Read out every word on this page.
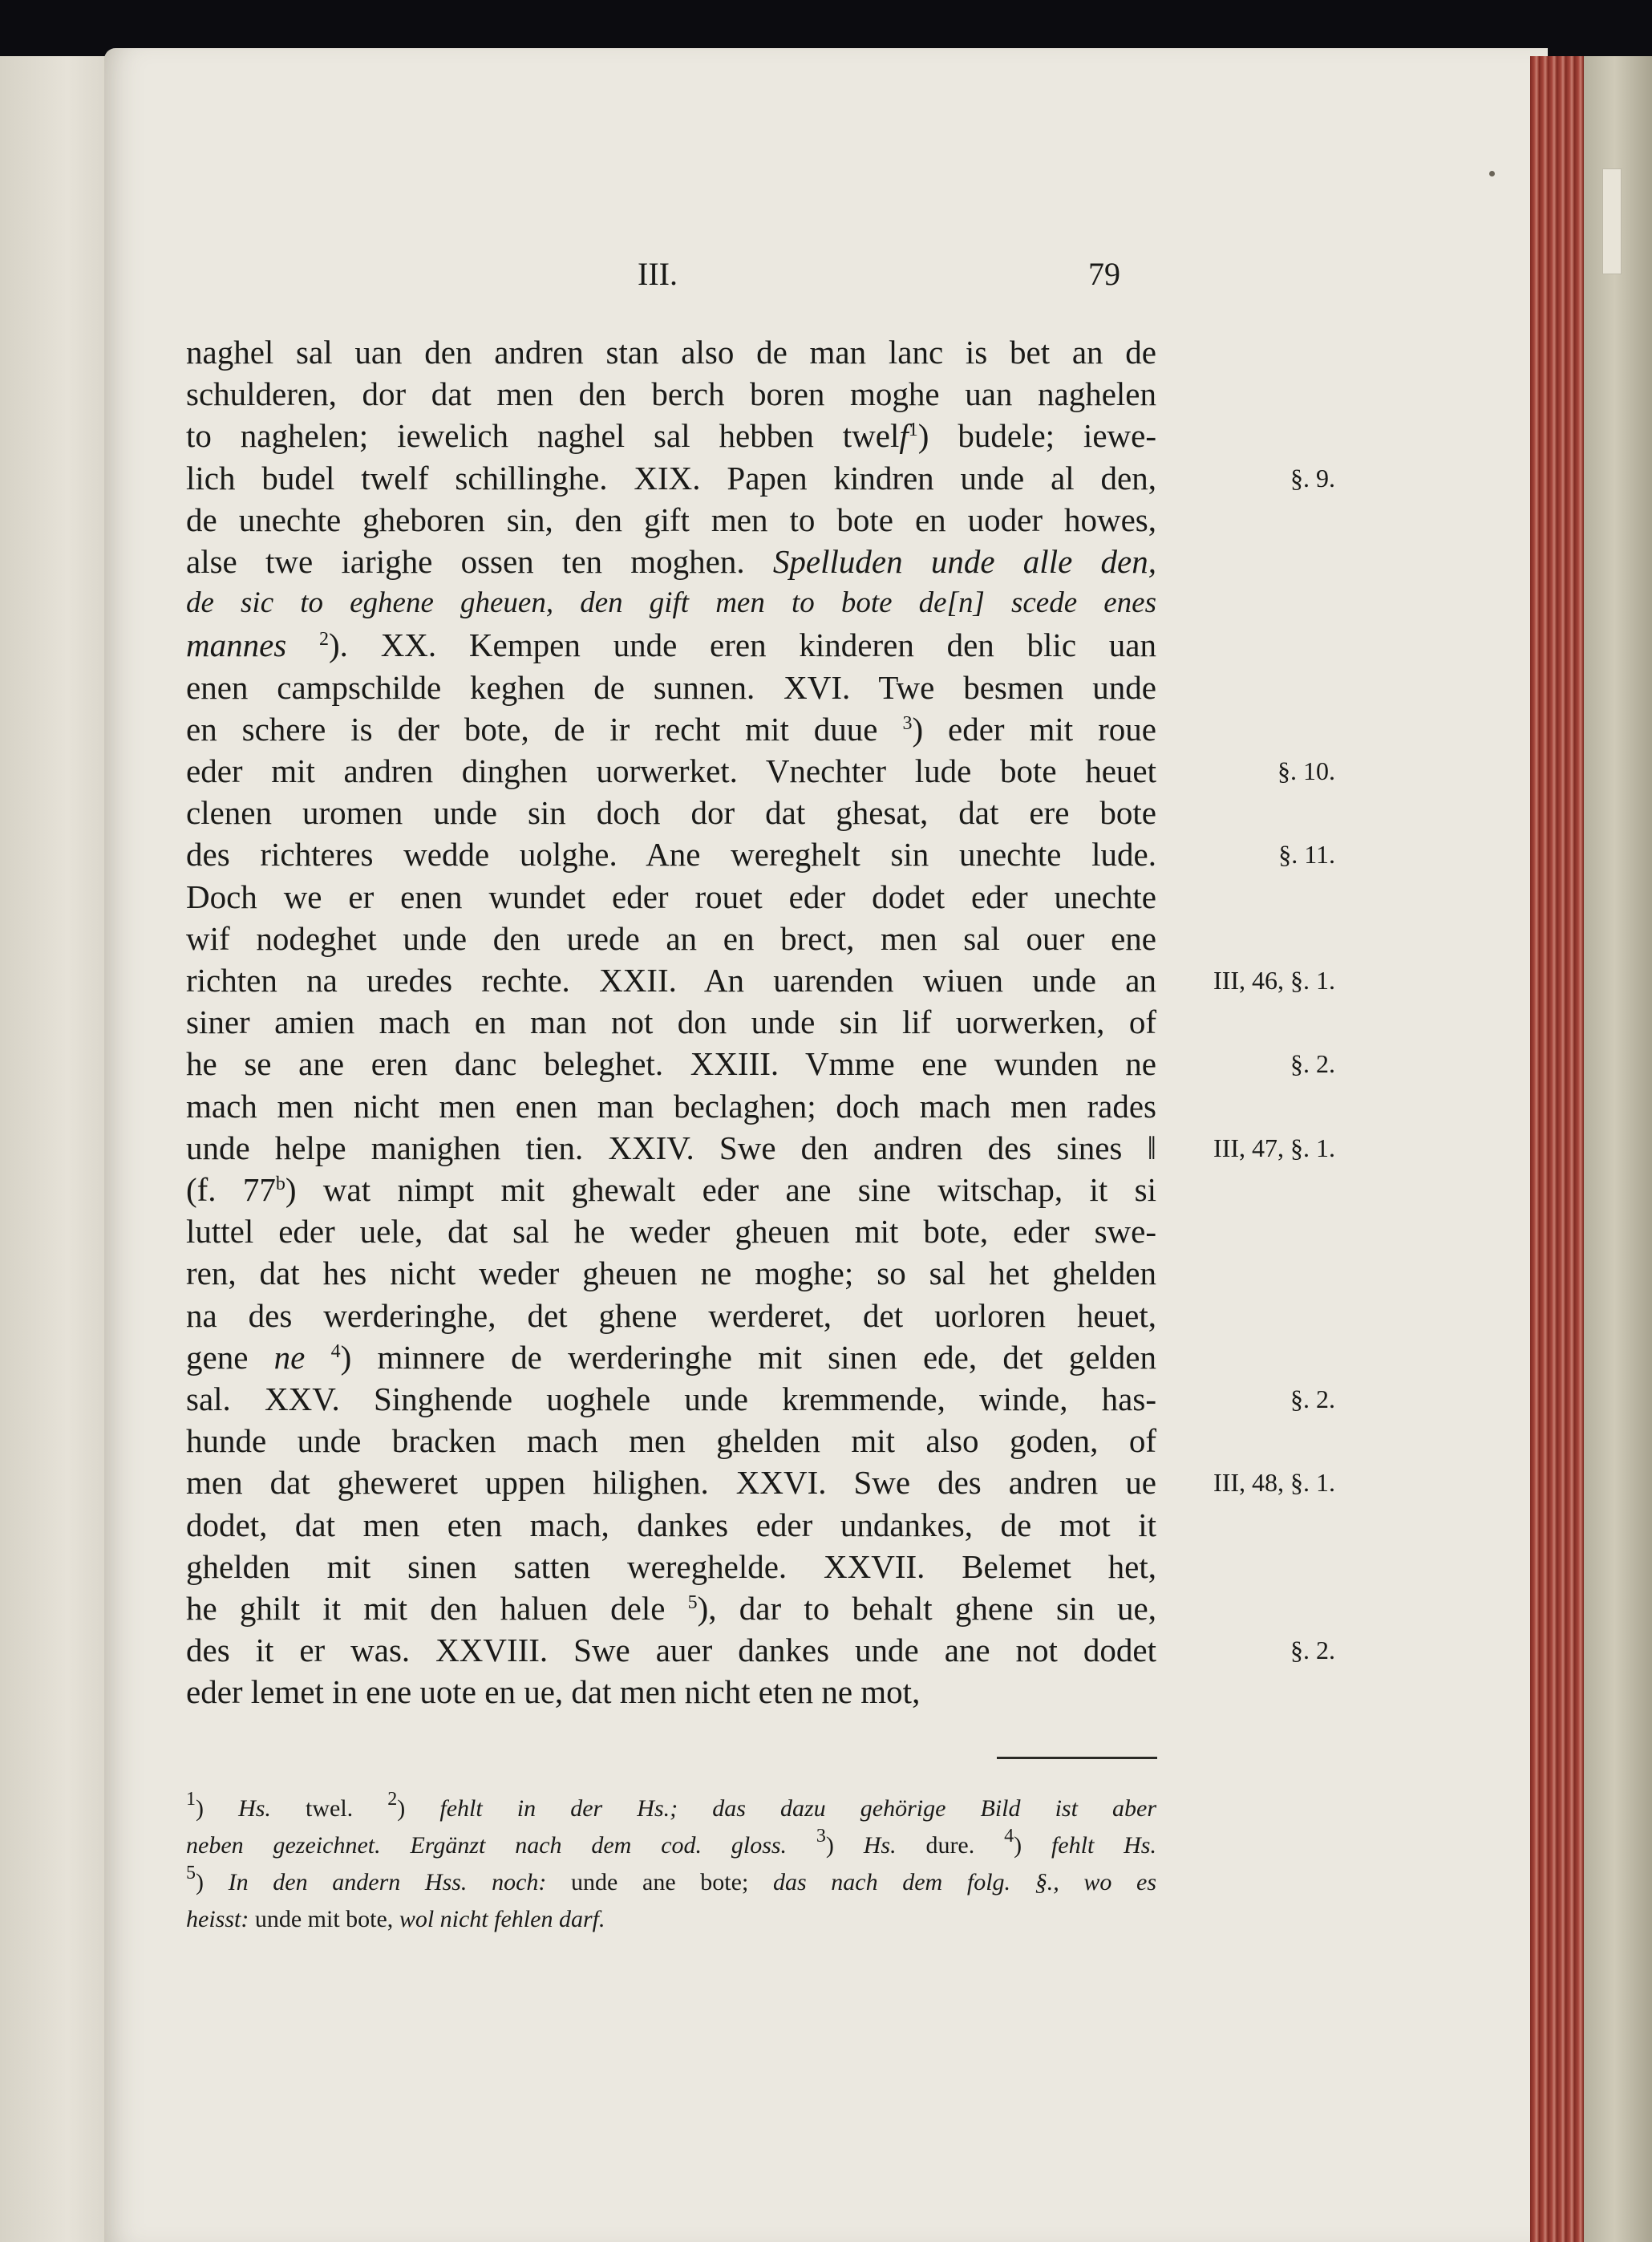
III.	79
naghel sal uan den andren stan also de man lanc is bet an de
schulderen, dor dat men den berch boren moghe uan naghelen
to naghelen; iewelich naghel sal hebben twelf$^1$) budele; iewe-
lich budel twelf schillinghe. XIX. Papen kindren unde al den,
de unechte gheboren sin, den gift men to bote en uoder howes,
alse twe iarighe ossen ten moghen. Spelluden unde alle den,
de sic to eghene gheuen, den gift men to bote de[n] scede enes
mannes $^2$). XX. Kempen unde eren kinderen den blic uan
enen campschilde keghen de sunnen. XVI. Twe besmen unde
en schere is der bote, de ir recht mit duue $^3$) eder mit roue
eder mit andren dinghen uorwerket. Vnechter lude bote heuet
clenen uromen unde sin doch dor dat ghesat, dat ere bote
des richteres wedde uolghe. Ane wereghelt sin unechte lude.
Doch we er enen wundet eder rouet eder dodet eder unechte
wif nodeghet unde den urede an en brect, men sal ouer ene
richten na uredes rechte. XXII. An uarenden wiuen unde an
siner amien mach en man not don unde sin lif uorwerken, of
he se ane eren danc beleghet. XXIII. Vmme ene wunden ne
mach men nicht men enen man beclaghen; doch mach men rades
unde helpe manighen tien. XXIV. Swe den andren des sines ‖
(f. 77$^b$) wat nimpt mit ghewalt eder ane sine witschap, it si
luttel eder uele, dat sal he weder gheuen mit bote, eder swe-
ren, dat hes nicht weder gheuen ne moghe; so sal het ghelden
na des werderinghe, det ghene werderet, det uorloren heuet,
gene ne $^4$) minnere de werderinghe mit sinen ede, det gelden
sal. XXV. Singhende uoghele unde kremmende, winde, has-
hunde unde bracken mach men ghelden mit also goden, of
men dat gheweret uppen hilighen. XXVI. Swe des andren ue
dodet, dat men eten mach, dankes eder undankes, de mot it
ghelden mit sinen satten wereghelde. XXVII. Belemet het,
he ghilt it mit den haluen dele $^5$), dar to behalt ghene sin ue,
des it er was. XXVIII. Swe auer dankes unde ane not dodet
eder lemet in ene uote en ue, dat men nicht eten ne mot,
§. 9.
§. 10.
§. 11.
III, 46, §. 1.
§. 2.
III, 47, §. 1.
§. 2.
III, 48, §. 1.
§. 2.
$^1$) Hs. twel. $^2$) fehlt in der Hs.; das dazu gehörige Bild ist aber
neben gezeichnet. Ergänzt nach dem cod. gloss. $^3$) Hs. dure. $^4$) fehlt Hs.
$^5$) In den andern Hss. noch: unde ane bote; das nach dem folg. §., wo es
heisst: unde mit bote, wol nicht fehlen darf.
